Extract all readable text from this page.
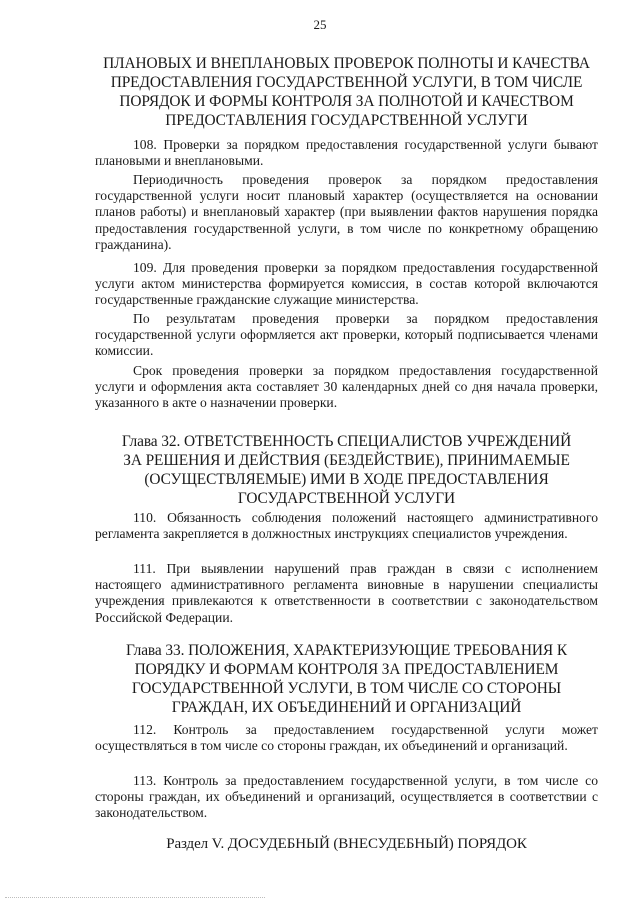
25
ПЛАНОВЫХ И ВНЕПЛАНОВЫХ ПРОВЕРОК ПОЛНОТЫ И КАЧЕСТВА
ПРЕДОСТАВЛЕНИЯ ГОСУДАРСТВЕННОЙ УСЛУГИ, В ТОМ ЧИСЛЕ
ПОРЯДОК И ФОРМЫ КОНТРОЛЯ ЗА ПОЛНОТОЙ И КАЧЕСТВОМ
ПРЕДОСТАВЛЕНИЯ ГОСУДАРСТВЕННОЙ УСЛУГИ
108. Проверки за порядком предоставления государственной услуги бывают плановыми и внеплановыми.
Периодичность проведения проверок за порядком предоставления государственной услуги носит плановый характер (осуществляется на основании планов работы) и внеплановый характер (при выявлении фактов нарушения порядка предоставления государственной услуги, в том числе по конкретному обращению гражданина).
109. Для проведения проверки за порядком предоставления государственной услуги актом министерства формируется комиссия, в состав которой включаются государственные гражданские служащие министерства.
По результатам проведения проверки за порядком предоставления государственной услуги оформляется акт проверки, который подписывается членами комиссии.
Срок проведения проверки за порядком предоставления государственной услуги и оформления акта составляет 30 календарных дней со дня начала проверки, указанного в акте о назначении проверки.
Глава 32. ОТВЕТСТВЕННОСТЬ СПЕЦИАЛИСТОВ УЧРЕЖДЕНИЙ
ЗА РЕШЕНИЯ И ДЕЙСТВИЯ (БЕЗДЕЙСТВИЕ), ПРИНИМАЕМЫЕ
(ОСУЩЕСТВЛЯЕМЫЕ) ИМИ В ХОДЕ ПРЕДОСТАВЛЕНИЯ
ГОСУДАРСТВЕННОЙ УСЛУГИ
110. Обязанность соблюдения положений настоящего административного регламента закрепляется в должностных инструкциях специалистов учреждения.
111. При выявлении нарушений прав граждан в связи с исполнением настоящего административного регламента виновные в нарушении специалисты учреждения привлекаются к ответственности в соответствии с законодательством Российской Федерации.
Глава 33. ПОЛОЖЕНИЯ, ХАРАКТЕРИЗУЮЩИЕ ТРЕБОВАНИЯ К
ПОРЯДКУ И ФОРМАМ КОНТРОЛЯ ЗА ПРЕДОСТАВЛЕНИЕМ
ГОСУДАРСТВЕННОЙ УСЛУГИ, В ТОМ ЧИСЛЕ СО СТОРОНЫ
ГРАЖДАН, ИХ ОБЪЕДИНЕНИЙ И ОРГАНИЗАЦИЙ
112. Контроль за предоставлением государственной услуги может осуществляться в том числе со стороны граждан, их объединений и организаций.
113. Контроль за предоставлением государственной услуги, в том числе со стороны граждан, их объединений и организаций, осуществляется в соответствии с законодательством.
Раздел V. ДОСУДЕБНЫЙ (ВНЕСУДЕБНЫЙ) ПОРЯДОК
